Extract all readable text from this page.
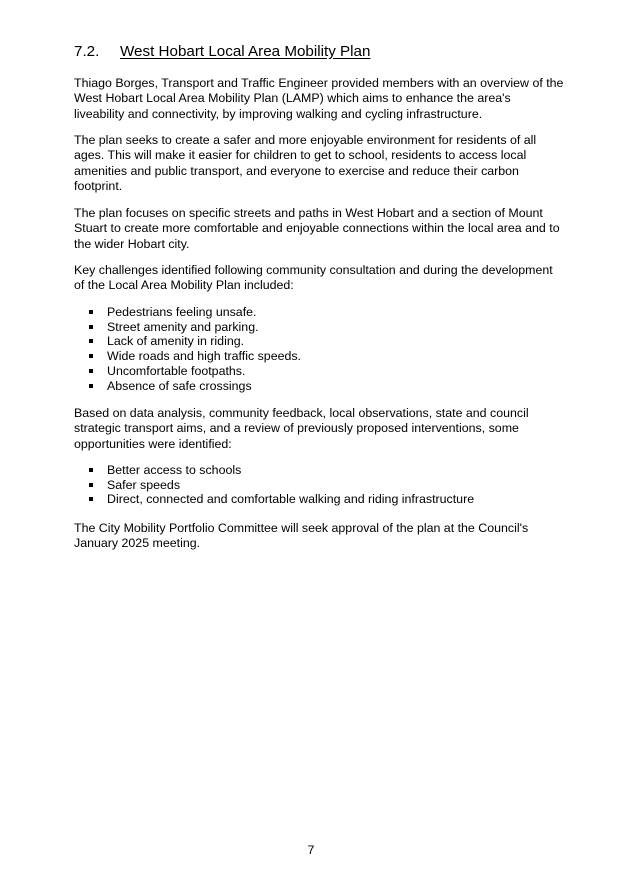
7.2. West Hobart Local Area Mobility Plan

Thiago Borges, Transport and Traffic Engineer provided members with an overview of the West Hobart Local Area Mobility Plan (LAMP) which aims to enhance the area's liveability and connectivity, by improving walking and cycling infrastructure.

The plan seeks to create a safer and more enjoyable environment for residents of all ages. This will make it easier for children to get to school, residents to access local amenities and public transport, and everyone to exercise and reduce their carbon footprint.

The plan focuses on specific streets and paths in West Hobart and a section of Mount Stuart to create more comfortable and enjoyable connections within the local area and to the wider Hobart city.

Key challenges identified following community consultation and during the development of the Local Area Mobility Plan included:

Pedestrians feeling unsafe.
Street amenity and parking.
Lack of amenity in riding.
Wide roads and high traffic speeds.
Uncomfortable footpaths.
Absence of safe crossings

Based on data analysis, community feedback, local observations, state and council strategic transport aims, and a review of previously proposed interventions, some opportunities were identified:

Better access to schools
Safer speeds
Direct, connected and comfortable walking and riding infrastructure

The City Mobility Portfolio Committee will seek approval of the plan at the Council's January 2025 meeting.

7
